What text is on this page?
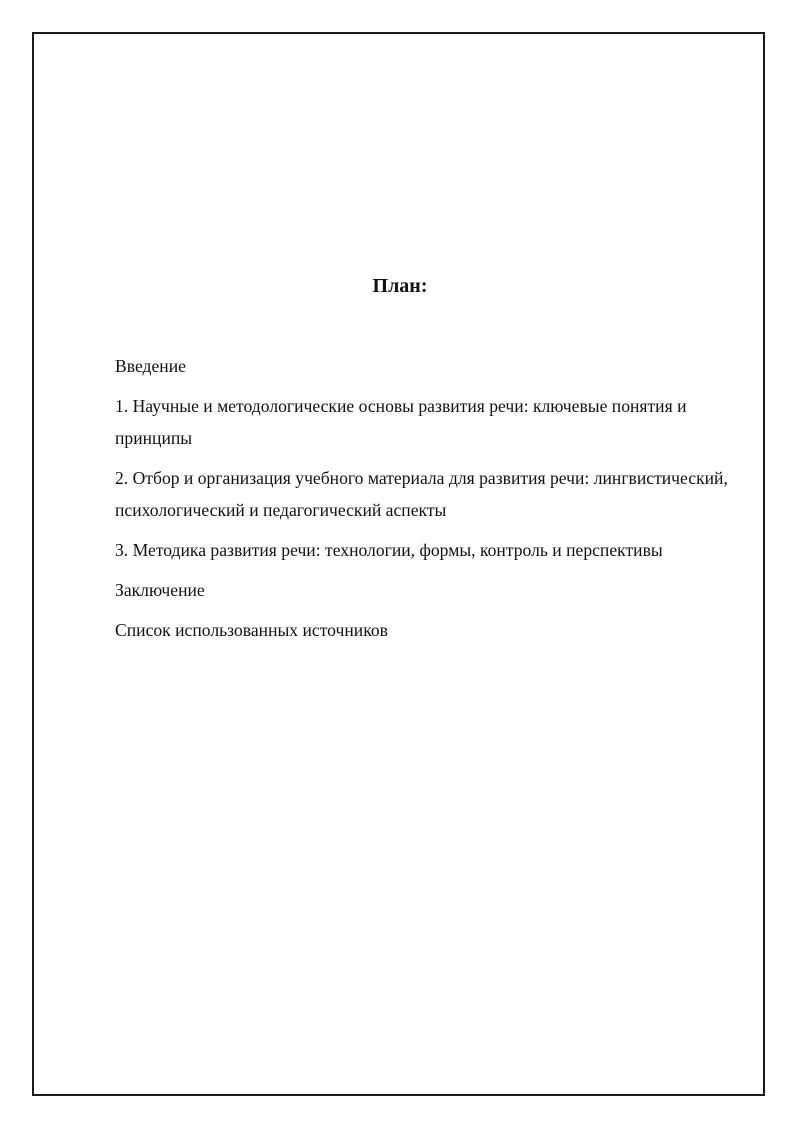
План:
Введение
1. Научные и методологические основы развития речи: ключевые понятия и принципы
2. Отбор и организация учебного материала для развития речи: лингвистический, психологический и педагогический аспекты
3. Методика развития речи: технологии, формы, контроль и перспективы
Заключение
Список использованных источников
